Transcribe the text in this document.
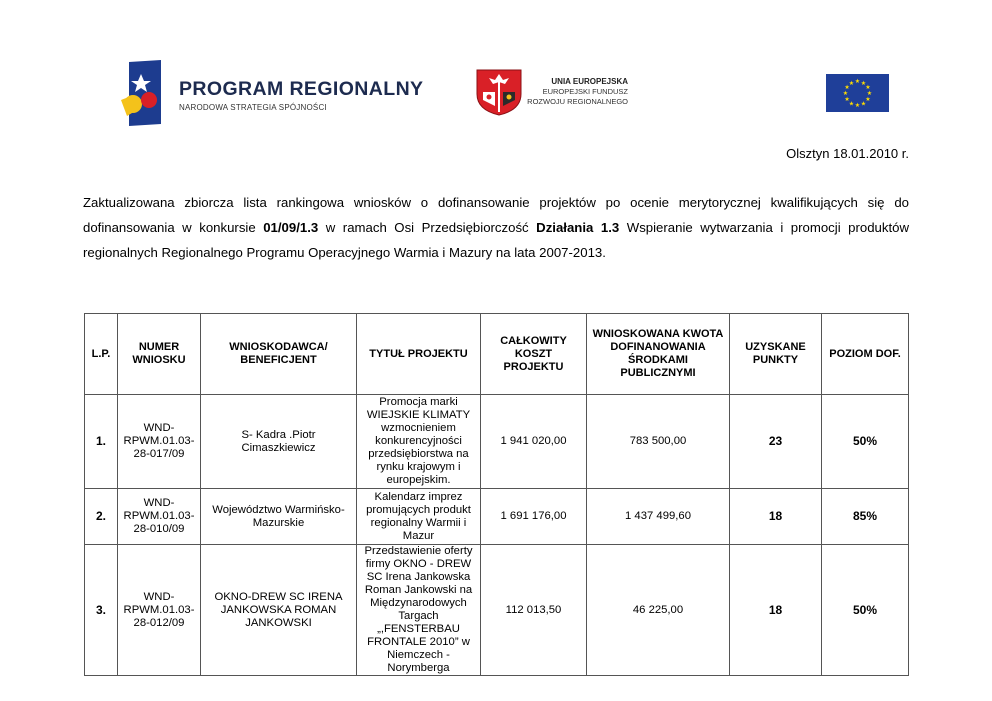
PROGRAM REGIONALNY
NARODOWA STRATEGIA SPÓJNOŚCI
UNIA EUROPEJSKA
EUROPEJSKI FUNDUSZ
ROZWOJU REGIONALNEGO
★ ★
★
★
★
★
★
★
★
★
★
★
Olsztyn 18.01.2010 r.

Zaktualizowana zbiorcza lista rankingowa wniosków o dofinansowanie projektów po ocenie merytorycznej kwalifikujących się do dofinansowania w konkursie 01/09/1.3 w ramach Osi Przedsiębiorczość Działania 1.3 Wspieranie wytwarzania i promocji produktów regionalnych Regionalnego Programu Operacyjnego Warmia i Mazury na lata 2007-2013.

L.P.	NUMER WNIOSKU	WNIOSKODAWCA/ BENEFICJENT	TYTUŁ PROJEKTU	CAŁKOWITY KOSZT PROJEKTU	WNIOSKOWANA KWOTA DOFINANOWANIA ŚRODKAMI PUBLICZNYMI	UZYSKANE PUNKTY	POZIOM DOF.
1.	WND-RPWM.01.03-28-017/09	S- Kadra .Piotr Cimaszkiewicz	Promocja marki WIEJSKIE KLIMATY wzmocnieniem konkurencyjności przedsiębiorstwa na rynku krajowym i europejskim.	1 941 020,00	783 500,00	23	50%
2.	WND-RPWM.01.03-28-010/09	Województwo Warmińsko-Mazurskie	Kalendarz imprez promujących produkt regionalny Warmii i Mazur	1 691 176,00	1 437 499,60	18	85%
3.	WND-RPWM.01.03-28-012/09	OKNO-DREW SC IRENA JANKOWSKA ROMAN JANKOWSKI	Przedstawienie oferty firmy OKNO - DREW SC Irena Jankowska Roman Jankowski na Międzynarodowych Targach „,FENSTERBAU FRONTALE 2010” w Niemczech - Norymberga	112 013,50	46 225,00	18	50%
